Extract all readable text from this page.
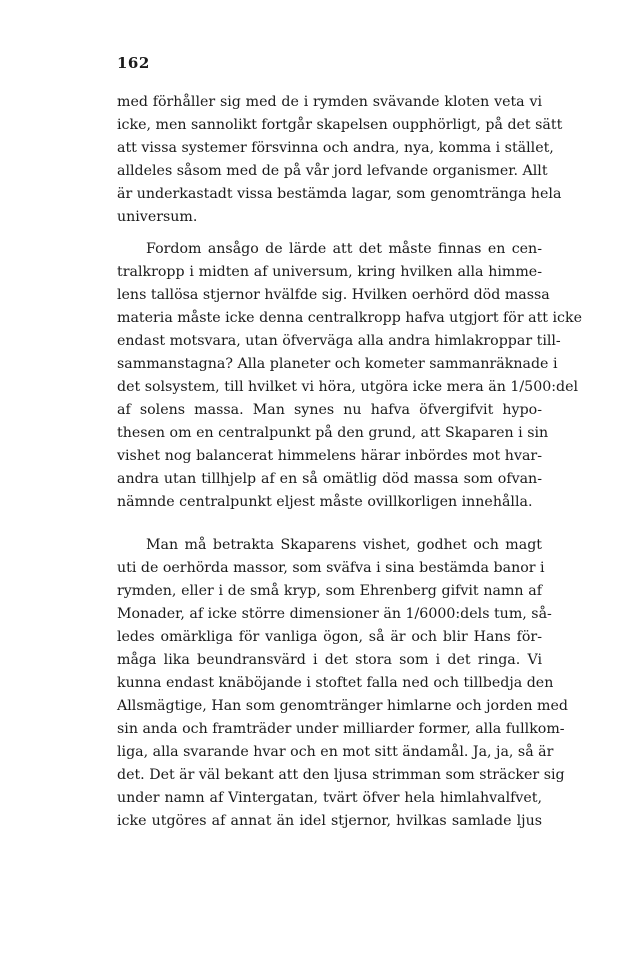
162
med förhåller sig med de i rymden svävande kloten veta vi
icke, men sannolikt fortgår skapelsen oupphörligt, på det sätt
att vissa systemer försvinna och andra, nya, komma i stället,
alldeles såsom med de på vår jord lefvande organismer. Allt
är underkastadt vissa bestämda lagar, som genomtränga hela
universum.
Fordom ansågo de lärde att det måste finnas en cen-
tralkropp i midten af universum, kring hvilken alla himme-
lens tallösa stjernor hvälfde sig. Hvilken oerhörd död massa
materia måste icke denna centralkropp hafva utgjort för att icke
endast motsvara, utan öfverväga alla andra himlakroppar till-
sammanstagna? Alla planeter och kometer sammanräknade i
det solsystem, till hvilket vi höra, utgöra icke mera än 1/500:del
af solens massa. Man synes nu hafva öfvergifvit hypo-
thesen om en centralpunkt på den grund, att Skaparen i sin
vishet nog balancerat himmelens härar inbördes mot hvar-
andra utan tillhjelp af en så omätlig död massa som ofvan-
nämnde centralpunkt eljest måste ovillkorligen innehålla.
Man må betrakta Skaparens vishet, godhet och magt
uti de oerhörda massor, som sväfva i sina bestämda banor i
rymden, eller i de små kryp, som Ehrenberg gifvit namn af
Monader, af icke större dimensioner än 1/6000:dels tum, så-
ledes omärkliga för vanliga ögon, så är och blir Hans för-
måga lika beundransvärd i det stora som i det ringa. Vi
kunna endast knäböjande i stoftet falla ned och tillbedja den
Allsmägtige, Han som genomtränger himlarne och jorden med
sin anda och framträder under milliarder former, alla fullkom-
liga, alla svarande hvar och en mot sitt ändamål. Ja, ja, så är
det. Det är väl bekant att den ljusa strimman som sträcker sig
under namn af Vintergatan, tvärt öfver hela himlahvalfvet,
icke utgöres af annat än idel stjernor, hvilkas samlade ljus
